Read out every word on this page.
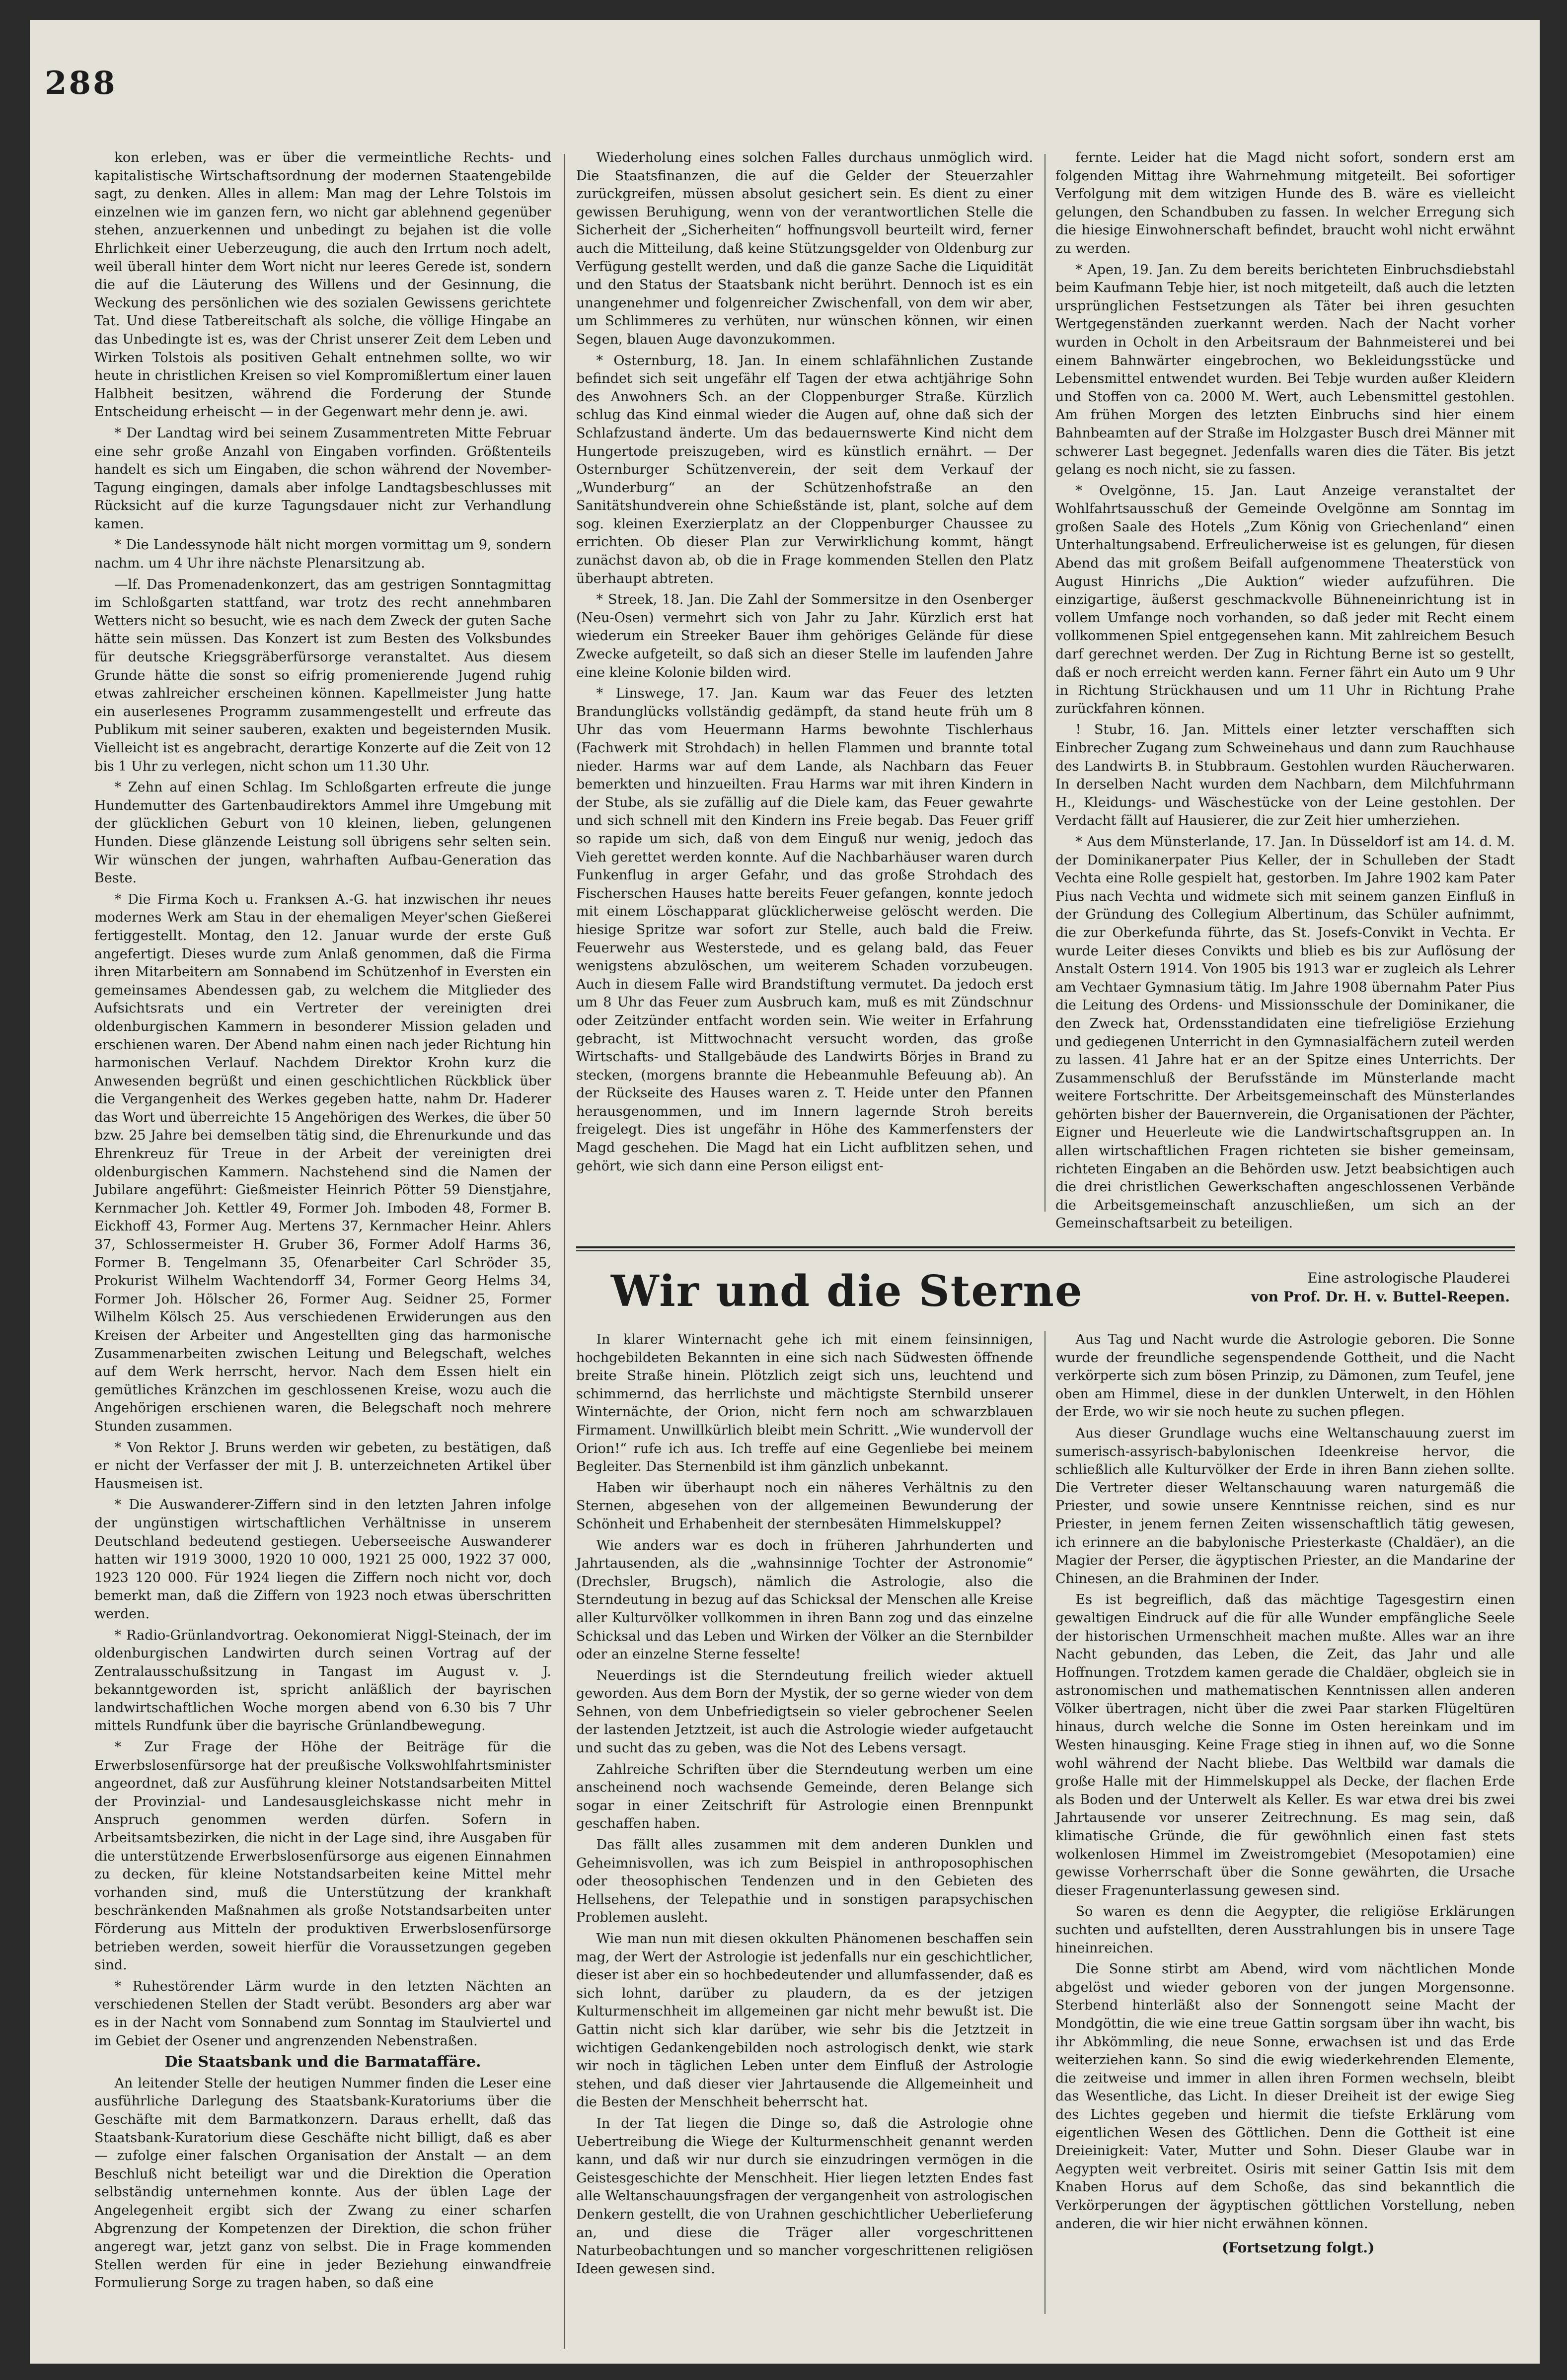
288

kon erleben, was er über die vermeintliche Rechts- und kapitalistische Wirtschaftsordnung der modernen Staatengebilde sagt, zu denken. Alles in allem: Man mag der Lehre Tolstois im einzelnen wie im ganzen fern, wo nicht gar ablehnend gegenüber stehen, anzuerkennen und unbedingt zu bejahen ist die volle Ehrlichkeit einer Ueberzeugung, die auch den Irrtum noch adelt, weil überall hinter dem Wort nicht nur leeres Gerede ist, sondern die auf die Läuterung des Willens und der Gesinnung, die Weckung des persönlichen wie des sozialen Gewissens gerichtete Tat. Und diese Tatbereitschaft als solche, die völlige Hingabe an das Unbedingte ist es, was der Christ unserer Zeit dem Leben und Wirken Tolstois als positiven Gehalt entnehmen sollte, wo wir heute in christlichen Kreisen so viel Kompromißlertum einer lauen Halbheit besitzen, während die Forderung der Stunde Entscheidung erheischt — in der Gegenwart mehr denn je. awi.

* Der Landtag wird bei seinem Zusammentreten Mitte Februar eine sehr große Anzahl von Eingaben vorfinden. Größtenteils handelt es sich um Eingaben, die schon während der November-Tagung eingingen, damals aber infolge Landtagsbeschlusses mit Rücksicht auf die kurze Tagungsdauer nicht zur Verhandlung kamen.

* Die Landessynode hält nicht morgen vormittag um 9, sondern nachm. um 4 Uhr ihre nächste Plenarsitzung ab.

—lf. Das Promenadenkonzert, das am gestrigen Sonntagmittag im Schloßgarten stattfand, war trotz des recht annehmbaren Wetters nicht so besucht, wie es nach dem Zweck der guten Sache hätte sein müssen. Das Konzert ist zum Besten des Volksbundes für deutsche Kriegsgräberfürsorge veranstaltet. Aus diesem Grunde hätte die sonst so eifrig promenierende Jugend ruhig etwas zahlreicher erscheinen können. Kapellmeister Jung hatte ein auserlesenes Programm zusammengestellt und erfreute das Publikum mit seiner sauberen, exakten und begeisternden Musik. Vielleicht ist es angebracht, derartige Konzerte auf die Zeit von 12 bis 1 Uhr zu verlegen, nicht schon um 11.30 Uhr.

* Zehn auf einen Schlag. Im Schloßgarten erfreute die junge Hundemutter des Gartenbaudirektors Ammel ihre Umgebung mit der glücklichen Geburt von 10 kleinen, lieben, gelungenen Hunden. Diese glänzende Leistung soll übrigens sehr selten sein. Wir wünschen der jungen, wahrhaften Aufbau-Generation das Beste.

* Die Firma Koch u. Franksen A.-G. hat inzwischen ihr neues modernes Werk am Stau in der ehemaligen Meyer'schen Gießerei fertiggestellt. Montag, den 12. Januar wurde der erste Guß angefertigt. Dieses wurde zum Anlaß genommen, daß die Firma ihren Mitarbeitern am Sonnabend im Schützenhof in Eversten ein gemeinsames Abendessen gab, zu welchem die Mitglieder des Aufsichtsrats und ein Vertreter der vereinigten drei oldenburgischen Kammern in besonderer Mission geladen und erschienen waren. Der Abend nahm einen nach jeder Richtung hin harmonischen Verlauf. Nachdem Direktor Krohn kurz die Anwesenden begrüßt und einen geschichtlichen Rückblick über die Vergangenheit des Werkes gegeben hatte, nahm Dr. Haderer das Wort und überreichte 15 Angehörigen des Werkes, die über 50 bzw. 25 Jahre bei demselben tätig sind, die Ehrenurkunde und das Ehrenkreuz für Treue in der Arbeit der vereinigten drei oldenburgischen Kammern. Nachstehend sind die Namen der Jubilare angeführt: Gießmeister Heinrich Pötter 59 Dienstjahre, Kernmacher Joh. Kettler 49, Former Joh. Imboden 48, Former B. Eickhoff 43, Former Aug. Mertens 37, Kernmacher Heinr. Ahlers 37, Schlossermeister H. Gruber 36, Former Adolf Harms 36, Former B. Tengelmann 35, Ofenarbeiter Carl Schröder 35, Prokurist Wilhelm Wachtendorff 34, Former Georg Helms 34, Former Joh. Hölscher 26, Former Aug. Seidner 25, Former Wilhelm Kölsch 25. Aus verschiedenen Erwiderungen aus den Kreisen der Arbeiter und Angestellten ging das harmonische Zusammenarbeiten zwischen Leitung und Belegschaft, welches auf dem Werk herrscht, hervor. Nach dem Essen hielt ein gemütliches Kränzchen im geschlossenen Kreise, wozu auch die Angehörigen erschienen waren, die Belegschaft noch mehrere Stunden zusammen.

* Von Rektor J. Bruns werden wir gebeten, zu bestätigen, daß er nicht der Verfasser der mit J. B. unterzeichneten Artikel über Hausmeisen ist.

* Die Auswanderer-Ziffern sind in den letzten Jahren infolge der ungünstigen wirtschaftlichen Verhältnisse in unserem Deutschland bedeutend gestiegen. Ueberseeische Auswanderer hatten wir 1919 3000, 1920 10 000, 1921 25 000, 1922 37 000, 1923 120 000. Für 1924 liegen die Ziffern noch nicht vor, doch bemerkt man, daß die Ziffern von 1923 noch etwas überschritten werden.

* Radio-Grünlandvortrag. Oekonomierat Niggl-Steinach, der im oldenburgischen Landwirten durch seinen Vortrag auf der Zentralausschußsitzung in Tangast im August v. J. bekanntgeworden ist, spricht anläßlich der bayrischen landwirtschaftlichen Woche morgen abend von 6.30 bis 7 Uhr mittels Rundfunk über die bayrische Grünlandbewegung.

* Zur Frage der Höhe der Beiträge für die Erwerbslosenfürsorge hat der preußische Volkswohlfahrtsminister angeordnet, daß zur Ausführung kleiner Notstandsarbeiten Mittel der Provinzial- und Landesausgleichskasse nicht mehr in Anspruch genommen werden dürfen. Sofern in Arbeitsamtsbezirken, die nicht in der Lage sind, ihre Ausgaben für die unterstützende Erwerbslosenfürsorge aus eigenen Einnahmen zu decken, für kleine Notstandsarbeiten keine Mittel mehr vorhanden sind, muß die Unterstützung der krankhaft beschränkenden Maßnahmen als große Notstandsarbeiten unter Förderung aus Mitteln der produktiven Erwerbslosenfürsorge betrieben werden, soweit hierfür die Voraussetzungen gegeben sind.

* Ruhestörender Lärm wurde in den letzten Nächten an verschiedenen Stellen der Stadt verübt. Besonders arg aber war es in der Nacht vom Sonnabend zum Sonntag im Staulviertel und im Gebiet der Osener und angrenzenden Nebenstraßen.

Die Staatsbank und die Barmataffäre.

An leitender Stelle der heutigen Nummer finden die Leser eine ausführliche Darlegung des Staatsbank-Kuratoriums über die Geschäfte mit dem Barmatkonzern. Daraus erhellt, daß das Staatsbank-Kuratorium diese Geschäfte nicht billigt, daß es aber — zufolge einer falschen Organisation der Anstalt — an dem Beschluß nicht beteiligt war und die Direktion die Operation selbständig unternehmen konnte. Aus der üblen Lage der Angelegenheit ergibt sich der Zwang zu einer scharfen Abgrenzung der Kompetenzen der Direktion, die schon früher angeregt war, jetzt ganz von selbst. Die in Frage kommenden Stellen werden für eine in jeder Beziehung einwandfreie Formulierung Sorge zu tragen haben, so daß eine

Wiederholung eines solchen Falles durchaus unmöglich wird. Die Staatsfinanzen, die auf die Gelder der Steuerzahler zurückgreifen, müssen absolut gesichert sein. Es dient zu einer gewissen Beruhigung, wenn von der verantwortlichen Stelle die Sicherheit der „Sicherheiten“ hoffnungsvoll beurteilt wird, ferner auch die Mitteilung, daß keine Stützungsgelder von Oldenburg zur Verfügung gestellt werden, und daß die ganze Sache die Liquidität und den Status der Staatsbank nicht berührt. Dennoch ist es ein unangenehmer und folgenreicher Zwischenfall, von dem wir aber, um Schlimmeres zu verhüten, nur wünschen können, wir einen Segen, blauen Auge davonzukommen.

* Osternburg, 18. Jan. In einem schlafähnlichen Zustande befindet sich seit ungefähr elf Tagen der etwa achtjährige Sohn des Anwohners Sch. an der Cloppenburger Straße. Kürzlich schlug das Kind einmal wieder die Augen auf, ohne daß sich der Schlafzustand änderte. Um das bedauernswerte Kind nicht dem Hungertode preiszugeben, wird es künstlich ernährt. — Der Osternburger Schützenverein, der seit dem Verkauf der „Wunderburg“ an der Schützenhofstraße an den Sanitätshundverein ohne Schießstände ist, plant, solche auf dem sog. kleinen Exerzierplatz an der Cloppenburger Chaussee zu errichten. Ob dieser Plan zur Verwirklichung kommt, hängt zunächst davon ab, ob die in Frage kommenden Stellen den Platz überhaupt abtreten.

* Streek, 18. Jan. Die Zahl der Sommersitze in den Osenberger (Neu-Osen) vermehrt sich von Jahr zu Jahr. Kürzlich erst hat wiederum ein Streeker Bauer ihm gehöriges Gelände für diese Zwecke aufgeteilt, so daß sich an dieser Stelle im laufenden Jahre eine kleine Kolonie bilden wird.

* Linswege, 17. Jan. Kaum war das Feuer des letzten Brandunglücks vollständig gedämpft, da stand heute früh um 8 Uhr das vom Heuermann Harms bewohnte Tischlerhaus (Fachwerk mit Strohdach) in hellen Flammen und brannte total nieder. Harms war auf dem Lande, als Nachbarn das Feuer bemerkten und hinzueilten. Frau Harms war mit ihren Kindern in der Stube, als sie zufällig auf die Diele kam, das Feuer gewahrte und sich schnell mit den Kindern ins Freie begab. Das Feuer griff so rapide um sich, daß von dem Einguß nur wenig, jedoch das Vieh gerettet werden konnte. Auf die Nachbarhäuser waren durch Funkenflug in arger Gefahr, und das große Strohdach des Fischerschen Hauses hatte bereits Feuer gefangen, konnte jedoch mit einem Löschapparat glücklicherweise gelöscht werden. Die hiesige Spritze war sofort zur Stelle, auch bald die Freiw. Feuerwehr aus Westerstede, und es gelang bald, das Feuer wenigstens abzulöschen, um weiterem Schaden vorzubeugen. Auch in diesem Falle wird Brandstiftung vermutet. Da jedoch erst um 8 Uhr das Feuer zum Ausbruch kam, muß es mit Zündschnur oder Zeitzünder entfacht worden sein. Wie weiter in Erfahrung gebracht, ist Mittwochnacht versucht worden, das große Wirtschafts- und Stallgebäude des Landwirts Börjes in Brand zu stecken, (morgens brannte die Hebeanmuhle Befeuung ab). An der Rückseite des Hauses waren z. T. Heide unter den Pfannen herausgenommen, und im Innern lagernde Stroh bereits freigelegt. Dies ist ungefähr in Höhe des Kammerfensters der Magd geschehen. Die Magd hat ein Licht aufblitzen sehen, und gehört, wie sich dann eine Person eiligst ent-

fernte. Leider hat die Magd nicht sofort, sondern erst am folgenden Mittag ihre Wahrnehmung mitgeteilt. Bei sofortiger Verfolgung mit dem witzigen Hunde des B. wäre es vielleicht gelungen, den Schandbuben zu fassen. In welcher Erregung sich die hiesige Einwohnerschaft befindet, braucht wohl nicht erwähnt zu werden.

* Apen, 19. Jan. Zu dem bereits berichteten Einbruchsdiebstahl beim Kaufmann Tebje hier, ist noch mitgeteilt, daß auch die letzten ursprünglichen Festsetzungen als Täter bei ihren gesuchten Wertgegenständen zuerkannt werden. Nach der Nacht vorher wurden in Ocholt in den Arbeitsraum der Bahnmeisterei und bei einem Bahnwärter eingebrochen, wo Bekleidungsstücke und Lebensmittel entwendet wurden. Bei Tebje wurden außer Kleidern und Stoffen von ca. 2000 M. Wert, auch Lebensmittel gestohlen. Am frühen Morgen des letzten Einbruchs sind hier einem Bahnbeamten auf der Straße im Holzgaster Busch drei Männer mit schwerer Last begegnet. Jedenfalls waren dies die Täter. Bis jetzt gelang es noch nicht, sie zu fassen.

* Ovelgönne, 15. Jan. Laut Anzeige veranstaltet der Wohlfahrtsausschuß der Gemeinde Ovelgönne am Sonntag im großen Saale des Hotels „Zum König von Griechenland“ einen Unterhaltungsabend. Erfreulicherweise ist es gelungen, für diesen Abend das mit großem Beifall aufgenommene Theaterstück von August Hinrichs „Die Auktion“ wieder aufzuführen. Die einzigartige, äußerst geschmackvolle Bühneneinrichtung ist in vollem Umfange noch vorhanden, so daß jeder mit Recht einem vollkommenen Spiel entgegensehen kann. Mit zahlreichem Besuch darf gerechnet werden. Der Zug in Richtung Berne ist so gestellt, daß er noch erreicht werden kann. Ferner fährt ein Auto um 9 Uhr in Richtung Strückhausen und um 11 Uhr in Richtung Prahe zurückfahren können.

! Stubr, 16. Jan. Mittels einer letzter verschafften sich Einbrecher Zugang zum Schweinehaus und dann zum Rauchhause des Landwirts B. in Stubbraum. Gestohlen wurden Räucherwaren. In derselben Nacht wurden dem Nachbarn, dem Milchfuhrmann H., Kleidungs- und Wäschestücke von der Leine gestohlen. Der Verdacht fällt auf Hausierer, die zur Zeit hier umherziehen.

* Aus dem Münsterlande, 17. Jan. In Düsseldorf ist am 14. d. M. der Dominikanerpater Pius Keller, der in Schulleben der Stadt Vechta eine Rolle gespielt hat, gestorben. Im Jahre 1902 kam Pater Pius nach Vechta und widmete sich mit seinem ganzen Einfluß in der Gründung des Collegium Albertinum, das Schüler aufnimmt, die zur Oberkefunda führte, das St. Josefs-Convikt in Vechta. Er wurde Leiter dieses Convikts und blieb es bis zur Auflösung der Anstalt Ostern 1914. Von 1905 bis 1913 war er zugleich als Lehrer am Vechtaer Gymnasium tätig. Im Jahre 1908 übernahm Pater Pius die Leitung des Ordens- und Missionsschule der Dominikaner, die den Zweck hat, Ordensstandidaten eine tiefreligiöse Erziehung und gediegenen Unterricht in den Gymnasialfächern zuteil werden zu lassen. 41 Jahre hat er an der Spitze eines Unterrichts. Der Zusammenschluß der Berufsstände im Münsterlande macht weitere Fortschritte. Der Arbeitsgemeinschaft des Münsterlandes gehörten bisher der Bauernverein, die Organisationen der Pächter, Eigner und Heuerleute wie die Landwirtschaftsgruppen an. In allen wirtschaftlichen Fragen richteten sie bisher gemeinsam, richteten Eingaben an die Behörden usw. Jetzt beabsichtigen auch die drei christlichen Gewerkschaften angeschlossenen Verbände die Arbeitsgemeinschaft anzuschließen, um sich an der Gemeinschaftsarbeit zu beteiligen.

Wir und die Sterne	Eine astrologische Plauderei
von Prof. Dr. H. v. Buttel-Reepen.

In klarer Winternacht gehe ich mit einem feinsinnigen, hochgebildeten Bekannten in eine sich nach Südwesten öffnende breite Straße hinein. Plötzlich zeigt sich uns, leuchtend und schimmernd, das herrlichste und mächtigste Sternbild unserer Winternächte, der Orion, nicht fern noch am schwarzblauen Firmament. Unwillkürlich bleibt mein Schritt. „Wie wundervoll der Orion!“ rufe ich aus. Ich treffe auf eine Gegenliebe bei meinem Begleiter. Das Sternenbild ist ihm gänzlich unbekannt.

Haben wir überhaupt noch ein näheres Verhältnis zu den Sternen, abgesehen von der allgemeinen Bewunderung der Schönheit und Erhabenheit der sternbesäten Himmelskuppel?

Wie anders war es doch in früheren Jahrhunderten und Jahrtausenden, als die „wahnsinnige Tochter der Astronomie“ (Drechsler, Brugsch), nämlich die Astrologie, also die Sterndeutung in bezug auf das Schicksal der Menschen alle Kreise aller Kulturvölker vollkommen in ihren Bann zog und das einzelne Schicksal und das Leben und Wirken der Völker an die Sternbilder oder an einzelne Sterne fesselte!

Neuerdings ist die Sterndeutung freilich wieder aktuell geworden. Aus dem Born der Mystik, der so gerne wieder von dem Sehnen, von dem Unbefriedigtsein so vieler gebrochener Seelen der lastenden Jetztzeit, ist auch die Astrologie wieder aufgetaucht und sucht das zu geben, was die Not des Lebens versagt.

Zahlreiche Schriften über die Sterndeutung werben um eine anscheinend noch wachsende Gemeinde, deren Belange sich sogar in einer Zeitschrift für Astrologie einen Brennpunkt geschaffen haben.

Das fällt alles zusammen mit dem anderen Dunklen und Geheimnisvollen, was ich zum Beispiel in anthroposophischen oder theosophischen Tendenzen und in den Gebieten des Hellsehens, der Telepathie und in sonstigen parapsychischen Problemen ausleht.

Wie man nun mit diesen okkulten Phänomenen beschaffen sein mag, der Wert der Astrologie ist jedenfalls nur ein geschichtlicher, dieser ist aber ein so hochbedeutender und allumfassender, daß es sich lohnt, darüber zu plaudern, da es der jetzigen Kulturmenschheit im allgemeinen gar nicht mehr bewußt ist. Die Gattin nicht sich klar darüber, wie sehr bis die Jetztzeit in wichtigen Gedankengebilden noch astrologisch denkt, wie stark wir noch in täglichen Leben unter dem Einfluß der Astrologie stehen, und daß dieser vier Jahrtausende die Allgemeinheit und die Besten der Menschheit beherrscht hat.

In der Tat liegen die Dinge so, daß die Astrologie ohne Uebertreibung die Wiege der Kulturmenschheit genannt werden kann, und daß wir nur durch sie einzudringen vermögen in die Geistesgeschichte der Menschheit. Hier liegen letzten Endes fast alle Weltanschauungsfragen der vergangenheit von astrologischen Denkern gestellt, die von Urahnen geschichtlicher Ueberlieferung an, und diese die Träger aller vorgeschrittenen Naturbeobachtungen und so mancher vorgeschrittenen religiösen Ideen gewesen sind.

Aus Tag und Nacht wurde die Astrologie geboren. Die Sonne wurde der freundliche segenspendende Gottheit, und die Nacht verkörperte sich zum bösen Prinzip, zu Dämonen, zum Teufel, jene oben am Himmel, diese in der dunklen Unterwelt, in den Höhlen der Erde, wo wir sie noch heute zu suchen pflegen.

Aus dieser Grundlage wuchs eine Weltanschauung zuerst im sumerisch-assyrisch-babylonischen Ideenkreise hervor, die schließlich alle Kulturvölker der Erde in ihren Bann ziehen sollte. Die Vertreter dieser Weltanschauung waren naturgemäß die Priester, und sowie unsere Kenntnisse reichen, sind es nur Priester, in jenem fernen Zeiten wissenschaftlich tätig gewesen, ich erinnere an die babylonische Priesterkaste (Chaldäer), an die Magier der Perser, die ägyptischen Priester, an die Mandarine der Chinesen, an die Brahminen der Inder.

Es ist begreiflich, daß das mächtige Tagesgestirn einen gewaltigen Eindruck auf die für alle Wunder empfängliche Seele der historischen Urmenschheit machen mußte. Alles war an ihre Nacht gebunden, das Leben, die Zeit, das Jahr und alle Hoffnungen. Trotzdem kamen gerade die Chaldäer, obgleich sie in astronomischen und mathematischen Kenntnissen allen anderen Völker übertragen, nicht über die zwei Paar starken Flügeltüren hinaus, durch welche die Sonne im Osten hereinkam und im Westen hinausging. Keine Frage stieg in ihnen auf, wo die Sonne wohl während der Nacht bliebe. Das Weltbild war damals die große Halle mit der Himmelskuppel als Decke, der flachen Erde als Boden und der Unterwelt als Keller. Es war etwa drei bis zwei Jahrtausende vor unserer Zeitrechnung. Es mag sein, daß klimatische Gründe, die für gewöhnlich einen fast stets wolkenlosen Himmel im Zweistromgebiet (Mesopotamien) eine gewisse Vorherrschaft über die Sonne gewährten, die Ursache dieser Fragenunterlassung gewesen sind.

So waren es denn die Aegypter, die religiöse Erklärungen suchten und aufstellten, deren Ausstrahlungen bis in unsere Tage hineinreichen.

Die Sonne stirbt am Abend, wird vom nächtlichen Monde abgelöst und wieder geboren von der jungen Morgensonne. Sterbend hinterläßt also der Sonnengott seine Macht der Mondgöttin, die wie eine treue Gattin sorgsam über ihn wacht, bis ihr Abkömmling, die neue Sonne, erwachsen ist und das Erde weiterziehen kann. So sind die ewig wiederkehrenden Elemente, die zeitweise und immer in allen ihren Formen wechseln, bleibt das Wesentliche, das Licht. In dieser Dreiheit ist der ewige Sieg des Lichtes gegeben und hiermit die tiefste Erklärung vom eigentlichen Wesen des Göttlichen. Denn die Gottheit ist eine Dreieinigkeit: Vater, Mutter und Sohn. Dieser Glaube war in Aegypten weit verbreitet. Osiris mit seiner Gattin Isis mit dem Knaben Horus auf dem Schoße, das sind bekanntlich die Verkörperungen der ägyptischen göttlichen Vorstellung, neben anderen, die wir hier nicht erwähnen können.

(Fortsetzung folgt.)
